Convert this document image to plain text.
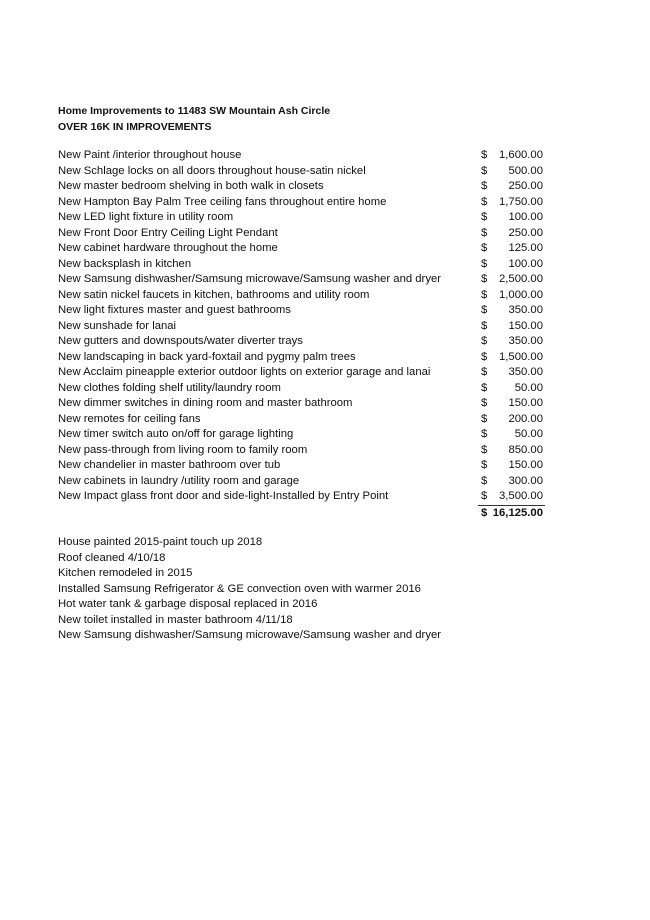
Home Improvements to 11483 SW Mountain Ash Circle
OVER 16K IN IMPROVEMENTS
New Paint /interior throughout house	$ 1,600.00
New Schlage locks on all doors throughout house-satin nickel	$ 500.00
New master bedroom shelving in both walk in closets	$ 250.00
New Hampton Bay Palm Tree ceiling fans throughout entire home	$ 1,750.00
New LED light fixture in utility room	$ 100.00
New Front Door Entry Ceiling Light Pendant	$ 250.00
New cabinet hardware throughout the home	$ 125.00
New backsplash in kitchen	$ 100.00
New Samsung dishwasher/Samsung microwave/Samsung washer and dryer	$ 2,500.00
New satin nickel faucets in kitchen, bathrooms and utility room	$ 1,000.00
New light fixtures master and guest bathrooms	$ 350.00
New sunshade for lanai	$ 150.00
New gutters and downspouts/water diverter trays	$ 350.00
New landscaping in back yard-foxtail and pygmy palm trees	$ 1,500.00
New Acclaim pineapple exterior outdoor lights on exterior garage and lanai	$ 350.00
New clothes folding shelf utility/laundry room	$ 50.00
New dimmer switches in dining room and master bathroom	$ 150.00
New remotes for ceiling fans	$ 200.00
New timer switch auto on/off for garage lighting	$ 50.00
New pass-through from living room to family room	$ 850.00
New chandelier in master bathroom over tub	$ 150.00
New cabinets in laundry /utility room and garage	$ 300.00
New Impact glass front door and side-light-Installed by Entry Point	$ 3,500.00
$ 16,125.00
House painted 2015-paint touch up 2018
Roof cleaned 4/10/18
Kitchen remodeled in 2015
Installed Samsung Refrigerator & GE convection oven with warmer 2016
Hot water tank & garbage disposal replaced in 2016
New toilet installed in master bathroom 4/11/18
New Samsung dishwasher/Samsung microwave/Samsung washer and dryer
